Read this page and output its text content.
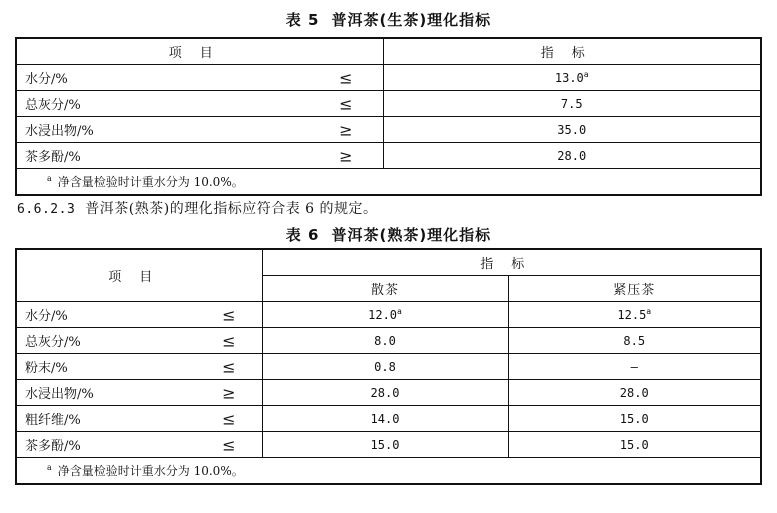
表 5 普洱茶(生茶)理化指标
项目	指标
水分/% ≤	13.0$^a$
总灰分/% ≤	7.5
水浸出物/% ≥	35.0
茶多酚/% ≥	28.0
$^a$ 净含量检验时计重水分为 10.0%。	
6.6.2.3 普洱茶(熟茶)的理化指标应符合表 6 的规定。
表 6 普洱茶(熟茶)理化指标
项目	指标	
	散茶	紧压茶
水分/% ≤	12.0$^a$	12.5$^a$
总灰分/% ≤	8.0	8.5
粉末/% ≤	0.8	—
水浸出物/% ≥	28.0	28.0
粗纤维/% ≤	14.0	15.0
茶多酚/% ≤	15.0	15.0
$^a$ 净含量检验时计重水分为 10.0%。		
